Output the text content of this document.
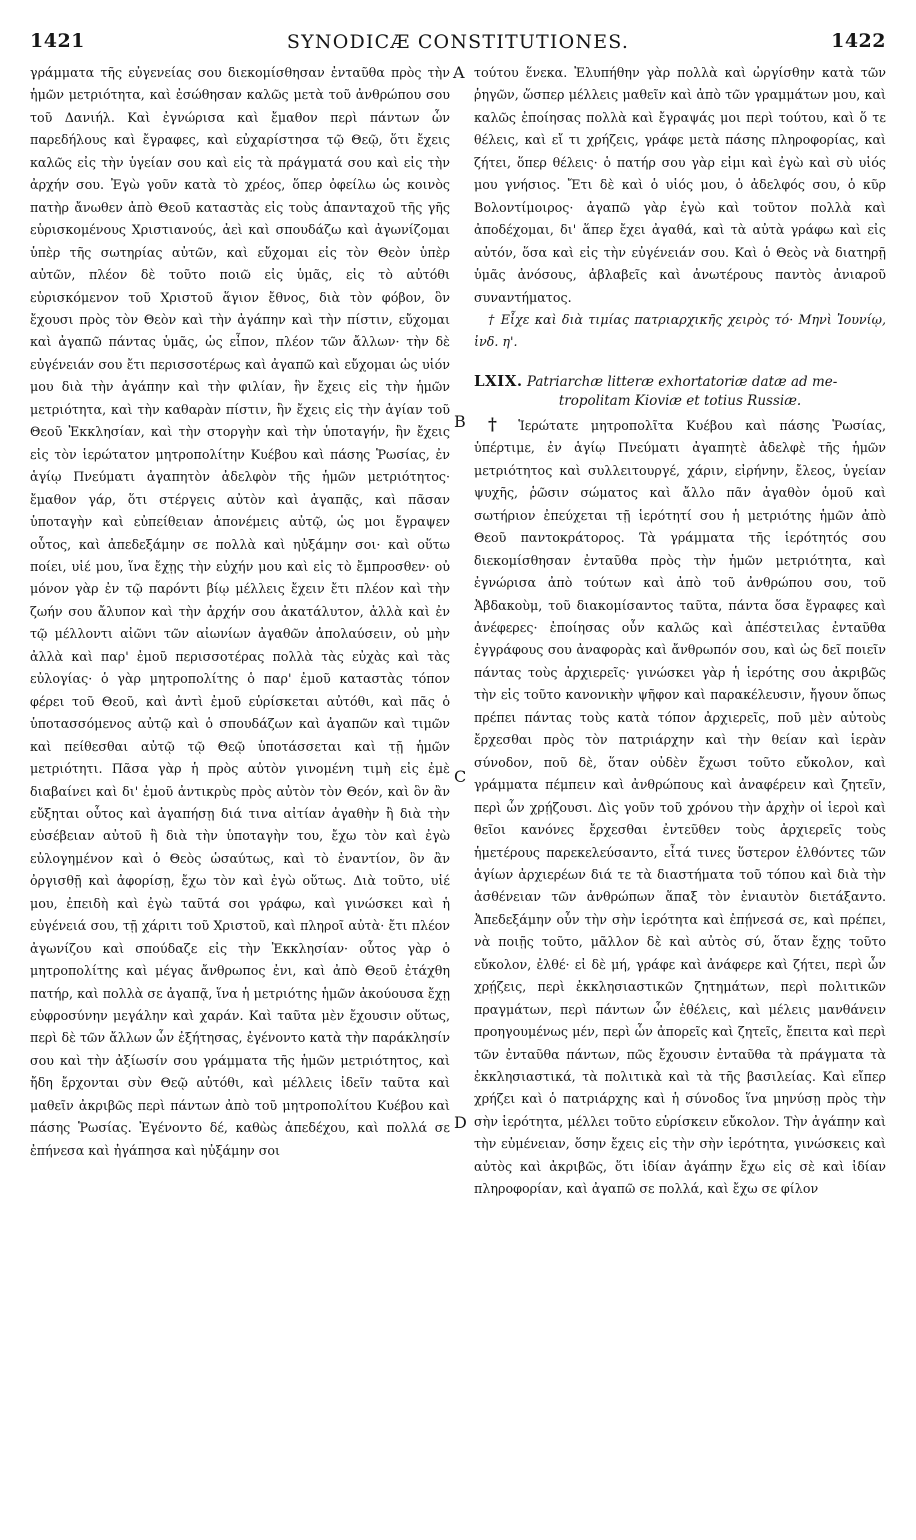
1421	SYNODICÆ CONSTITUTIONES.	1422

γράμματα τῆς εὐγενείας σου διεκομίσθησαν ἐνταῦθα πρὸς τὴν ἡμῶν μετριότητα, καὶ ἐσώθησαν καλῶς μετὰ τοῦ ἀνθρώπου σου τοῦ Δανιήλ. Καὶ ἐγνώρισα καὶ ἔμαθον περὶ πάντων ὧν παρεδήλους καὶ ἔγραφες, καὶ εὐχαρίστησα τῷ Θεῷ, ὅτι ἔχεις καλῶς εἰς τὴν ὑγείαν σου καὶ εἰς τὰ πράγματά σου καὶ εἰς τὴν ἀρχήν σου. Ἐγὼ γοῦν κατὰ τὸ χρέος, ὅπερ ὀφείλω ὡς κοινὸς πατὴρ ἄνωθεν ἀπὸ Θεοῦ καταστὰς εἰς τοὺς ἁπανταχοῦ τῆς γῆς εὑρισκομένους Χριστιανούς, ἀεὶ καὶ σπουδάζω καὶ ἀγωνίζομαι ὑπὲρ τῆς σωτηρίας αὐτῶν, καὶ εὔχομαι εἰς τὸν Θεὸν ὑπὲρ αὐτῶν, πλέον δὲ τοῦτο ποιῶ εἰς ὑμᾶς, εἰς τὸ αὐτόθι εὑρισκόμενον τοῦ Χριστοῦ ἅγιον ἔθνος, διὰ τὸν φόβον, ὃν ἔχουσι πρὸς τὸν Θεὸν καὶ τὴν ἀγάπην καὶ τὴν πίστιν, εὔχομαι καὶ ἀγαπῶ πάντας ὑμᾶς, ὡς εἶπον, πλέον τῶν ἄλλων· τὴν δὲ εὐγένειάν σου ἔτι περισσοτέρως καὶ ἀγαπῶ καὶ εὔχομαι ὡς υἱόν μου διὰ τὴν ἀγάπην καὶ τὴν φιλίαν, ἣν ἔχεις εἰς τὴν ἡμῶν μετριότητα, καὶ τὴν καθαρὰν πίστιν, ἣν ἔχεις εἰς τὴν ἁγίαν τοῦ Θεοῦ Ἐκκλησίαν, καὶ τὴν στοργὴν καὶ τὴν ὑποταγήν, ἣν ἔχεις εἰς τὸν ἱερώτατον μητροπολίτην Κυέβου καὶ πάσης Ῥωσίας, ἐν ἁγίῳ Πνεύματι ἀγαπητὸν ἀδελφὸν τῆς ἡμῶν μετριότητος· ἔμαθον γάρ, ὅτι στέργεις αὐτὸν καὶ ἀγαπᾷς, καὶ πᾶσαν ὑποταγὴν καὶ εὐπείθειαν ἀπονέμεις αὐτῷ, ὡς μοι ἔγραψεν οὗτος, καὶ ἀπεδεξάμην σε πολλὰ καὶ ηὐξάμην σοι· καὶ οὕτω ποίει, υἱέ μου, ἵνα ἔχῃς τὴν εὐχήν μου καὶ εἰς τὸ ἔμπροσθεν· οὐ μόνον γὰρ ἐν τῷ παρόντι βίῳ μέλλεις ἔχειν ἔτι πλέον καὶ τὴν ζωήν σου ἄλυπον καὶ τὴν ἀρχήν σου ἀκατάλυτον, ἀλλὰ καὶ ἐν τῷ μέλλοντι αἰῶνι τῶν αἰωνίων ἀγαθῶν ἀπολαύσειν, οὐ μὴν ἀλλὰ καὶ παρ' ἐμοῦ περισσοτέρας πολλὰ τὰς εὐχὰς καὶ τὰς εὐλογίας· ὁ γὰρ μητροπολίτης ὁ παρ' ἐμοῦ καταστὰς τόπον φέρει τοῦ Θεοῦ, καὶ ἀντὶ ἐμοῦ εὑρίσκεται αὐτόθι, καὶ πᾶς ὁ ὑποτασσόμενος αὐτῷ καὶ ὁ σπουδάζων καὶ ἀγαπῶν καὶ τιμῶν καὶ πείθεσθαι αὐτῷ τῷ Θεῷ ὑποτάσσεται καὶ τῇ ἡμῶν μετριότητι. Πᾶσα γὰρ ἡ πρὸς αὐτὸν γινομένη τιμὴ εἰς ἐμὲ διαβαίνει καὶ δι' ἐμοῦ ἀντικρὺς πρὸς αὐτὸν τὸν Θεόν, καὶ ὃν ἂν εὔξηται οὗτος καὶ ἀγαπήσῃ διά τινα αἰτίαν ἀγαθὴν ἢ διὰ τὴν εὐσέβειαν αὐτοῦ ἢ διὰ τὴν ὑποταγὴν του, ἔχω τὸν καὶ ἐγὼ εὐλογημένον καὶ ὁ Θεὸς ὡσαύτως, καὶ τὸ ἐναντίον, ὃν ἂν ὀργισθῇ καὶ ἀφορίσῃ, ἔχω τὸν καὶ ἐγὼ οὕτως. Διὰ τοῦτο, υἱέ μου, ἐπειδὴ καὶ ἐγὼ ταῦτά σοι γράφω, καὶ γινώσκει καὶ ἡ εὐγένειά σου, τῇ χάριτι τοῦ Χριστοῦ, καὶ πληροῖ αὐτὰ· ἔτι πλέον ἀγωνίζου καὶ σπούδαζε εἰς τὴν Ἐκκλησίαν· οὗτος γὰρ ὁ μητροπολίτης καὶ μέγας ἄνθρωπος ἐνι, καὶ ἀπὸ Θεοῦ ἐτάχθη πατήρ, καὶ πολλὰ σε ἀγαπᾷ, ἵνα ἡ μετριότης ἡμῶν ἀκούουσα ἔχῃ εὐφροσύνην μεγάλην καὶ χαράν. Καὶ ταῦτα μὲν ἔχουσιν οὕτως, περὶ δὲ τῶν ἄλλων ὧν ἐξήτησας, ἐγένοντο κατὰ τὴν παράκλησίν σου καὶ τὴν ἀξίωσίν σου γράμματα τῆς ἡμῶν μετριότητος, καὶ ἤδη ἔρχονται σὺν Θεῷ αὐτόθι, καὶ μέλλεις ἰδεῖν ταῦτα καὶ μαθεῖν ἀκριβῶς περὶ πάντων ἀπὸ τοῦ μητροπολίτου Κυέβου καὶ πάσης Ῥωσίας. Ἐγένοντο δέ, καθὼς ἀπεδέχου, καὶ πολλά σε ἐπήνεσα καὶ ἠγάπησα καὶ ηὐξάμην σοι

A
B
C
D

τούτου ἕνεκα. Ἐλυπήθην γὰρ πολλὰ καὶ ὠργίσθην κατὰ τῶν ῥηγῶν, ὥσπερ μέλλεις μαθεῖν καὶ ἀπὸ τῶν γραμμάτων μου, καὶ καλῶς ἐποίησας πολλὰ καὶ ἔγραψάς μοι περὶ τούτου, καὶ ὅ τε θέλεις, καὶ εἴ τι χρήζεις, γράφε μετὰ πάσης πληροφορίας, καὶ ζήτει, ὅπερ θέλεις· ὁ πατήρ σου γὰρ εἰμι καὶ ἐγὼ καὶ σὺ υἱός μου γνήσιος. Ἔτι δὲ καὶ ὁ υἱός μου, ὁ ἀδελφός σου, ὁ κῦρ Βολοντίμοιρος· ἀγαπῶ γὰρ ἐγὼ καὶ τοῦτον πολλὰ καὶ ἀποδέχομαι, δι' ἅπερ ἔχει ἀγαθά, καὶ τὰ αὐτὰ γράφω καὶ εἰς αὐτόν, ὅσα καὶ εἰς τὴν εὐγένειάν σου. Καὶ ὁ Θεὸς νὰ διατηρῇ ὑμᾶς ἀνόσους, ἀβλαβεῖς καὶ ἀνωτέρους παντὸς ἀνιαροῦ συναντήματος.

† Εἶχε καὶ διὰ τιμίας πατριαρχικῆς χειρὸς τό· Μηνὶ Ἰουνίῳ, ἰνδ. η'.

LXIX. Patriarchæ litteræ exhortatoriæ datæ ad me-

tropolitam Kioviæ et totius Russiæ.

† Ἱερώτατε μητροπολῖτα Κυέβου καὶ πάσης Ῥωσίας, ὑπέρτιμε, ἐν ἁγίῳ Πνεύματι ἀγαπητὲ ἀδελφὲ τῆς ἡμῶν μετριότητος καὶ συλλειτουργέ, χάριν, εἰρήνην, ἔλεος, ὑγείαν ψυχῆς, ῥῶσιν σώματος καὶ ἄλλο πᾶν ἀγαθὸν ὁμοῦ καὶ σωτήριον ἐπεύχεται τῇ ἱερότητί σου ἡ μετριότης ἡμῶν ἀπὸ Θεοῦ παντοκράτορος. Τὰ γράμματα τῆς ἱερότητός σου διεκομίσθησαν ἐνταῦθα πρὸς τὴν ἡμῶν μετριότητα, καὶ ἐγνώρισα ἀπὸ τούτων καὶ ἀπὸ τοῦ ἀνθρώπου σου, τοῦ Ἀβδακοὺμ, τοῦ διακομίσαντος ταῦτα, πάντα ὅσα ἔγραφες καὶ ἀνέφερες· ἐποίησας οὖν καλῶς καὶ ἀπέστειλας ἐνταῦθα ἐγγράφους σου ἀναφορὰς καὶ ἄνθρωπόν σου, καὶ ὡς δεῖ ποιεῖν πάντας τοὺς ἀρχιερεῖς· γινώσκει γὰρ ἡ ἱερότης σου ἀκριβῶς τὴν εἰς τοῦτο κανονικὴν ψῆφον καὶ παρακέλευσιν, ἤγουν ὅπως πρέπει πάντας τοὺς κατὰ τόπον ἀρχιερεῖς, ποῦ μὲν αὐτοὺς ἔρχεσθαι πρὸς τὸν πατριάρχην καὶ τὴν θείαν καὶ ἱερὰν σύνοδον, ποῦ δὲ, ὅταν οὐδὲν ἔχωσι τοῦτο εὔκολον, καὶ γράμματα πέμπειν καὶ ἀνθρώπους καὶ ἀναφέρειν καὶ ζητεῖν, περὶ ὧν χρῄζουσι. Δὶς γοῦν τοῦ χρόνου τὴν ἀρχὴν οἱ ἱεροὶ καὶ θεῖοι κανόνες ἔρχεσθαι ἐντεῦθεν τοὺς ἀρχιερεῖς τοὺς ἡμετέρους παρεκελεύσαντο, εἶτά τινες ὕστερον ἐλθόντες τῶν ἁγίων ἀρχιερέων διά τε τὰ διαστήματα τοῦ τόπου καὶ διὰ τὴν ἀσθένειαν τῶν ἀνθρώπων ἅπαξ τὸν ἐνιαυτὸν διετάξαντο. Ἀπεδεξάμην οὖν τὴν σὴν ἱερότητα καὶ ἐπῄνεσά σε, καὶ πρέπει, νὰ ποιῇς τοῦτο, μᾶλλον δὲ καὶ αὐτὸς σύ, ὅταν ἔχῃς τοῦτο εὔκολον, ἐλθέ· εἰ δὲ μή, γράφε καὶ ἀνάφερε καὶ ζήτει, περὶ ὧν χρῄζεις, περὶ ἐκκλησιαστικῶν ζητημάτων, περὶ πολιτικῶν πραγμάτων, περὶ πάντων ὧν ἐθέλεις, καὶ μέλεις μανθάνειν προηγουμένως μέν, περὶ ὧν ἀπορεῖς καὶ ζητεῖς, ἔπειτα καὶ περὶ τῶν ἐνταῦθα πάντων, πῶς ἔχουσιν ἐνταῦθα τὰ πράγματα τὰ ἐκκλησιαστικά, τὰ πολιτικὰ καὶ τὰ τῆς βασιλείας. Καὶ εἴπερ χρήζει καὶ ὁ πατριάρχης καὶ ἡ σύνοδος ἵνα μηνύσῃ πρὸς τὴν σὴν ἱερότητα, μέλλει τοῦτο εὑρίσκειν εὔκολον. Τὴν ἀγάπην καὶ τὴν εὐμένειαν, ὅσην ἔχεις εἰς τὴν σὴν ἱερότητα, γινώσκεις καὶ αὐτὸς καὶ ἀκριβῶς, ὅτι ἰδίαν ἀγάπην ἔχω εἰς σὲ καὶ ἰδίαν πληροφορίαν, καὶ ἀγαπῶ σε πολλά, καὶ ἔχω σε φίλον
